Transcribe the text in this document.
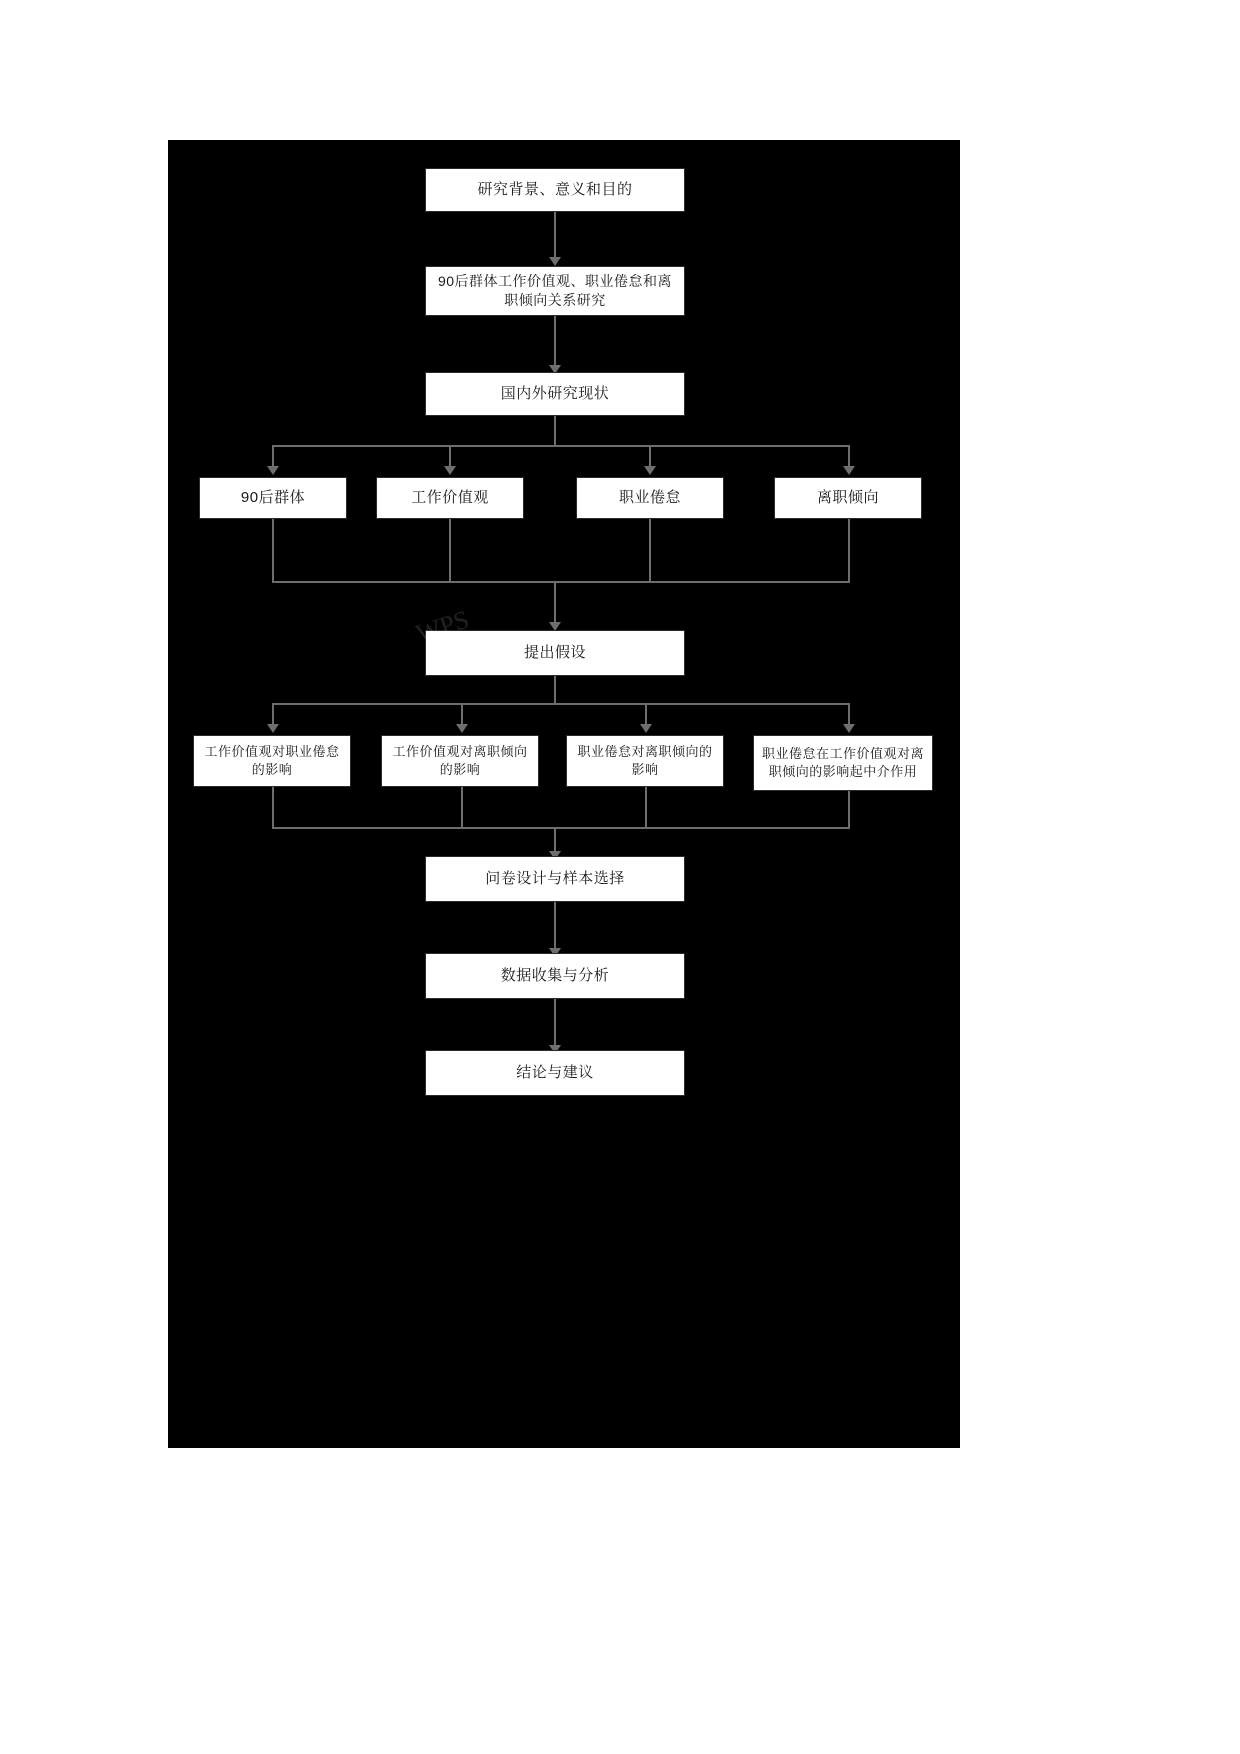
WPS
研究背景、意义和目的
90后群体工作价值观、职业倦怠和离职倾向关系研究
国内外研究现状
90后群体	工作价值观	职业倦怠	离职倾向
提出假设
工作价值观对职业倦怠的影响
工作价值观对离职倾向的影响
职业倦怠对离职倾向的影响
职业倦怠在工作价值观对离职倾向的影响起中介作用
问卷设计与样本选择
数据收集与分析
结论与建议
